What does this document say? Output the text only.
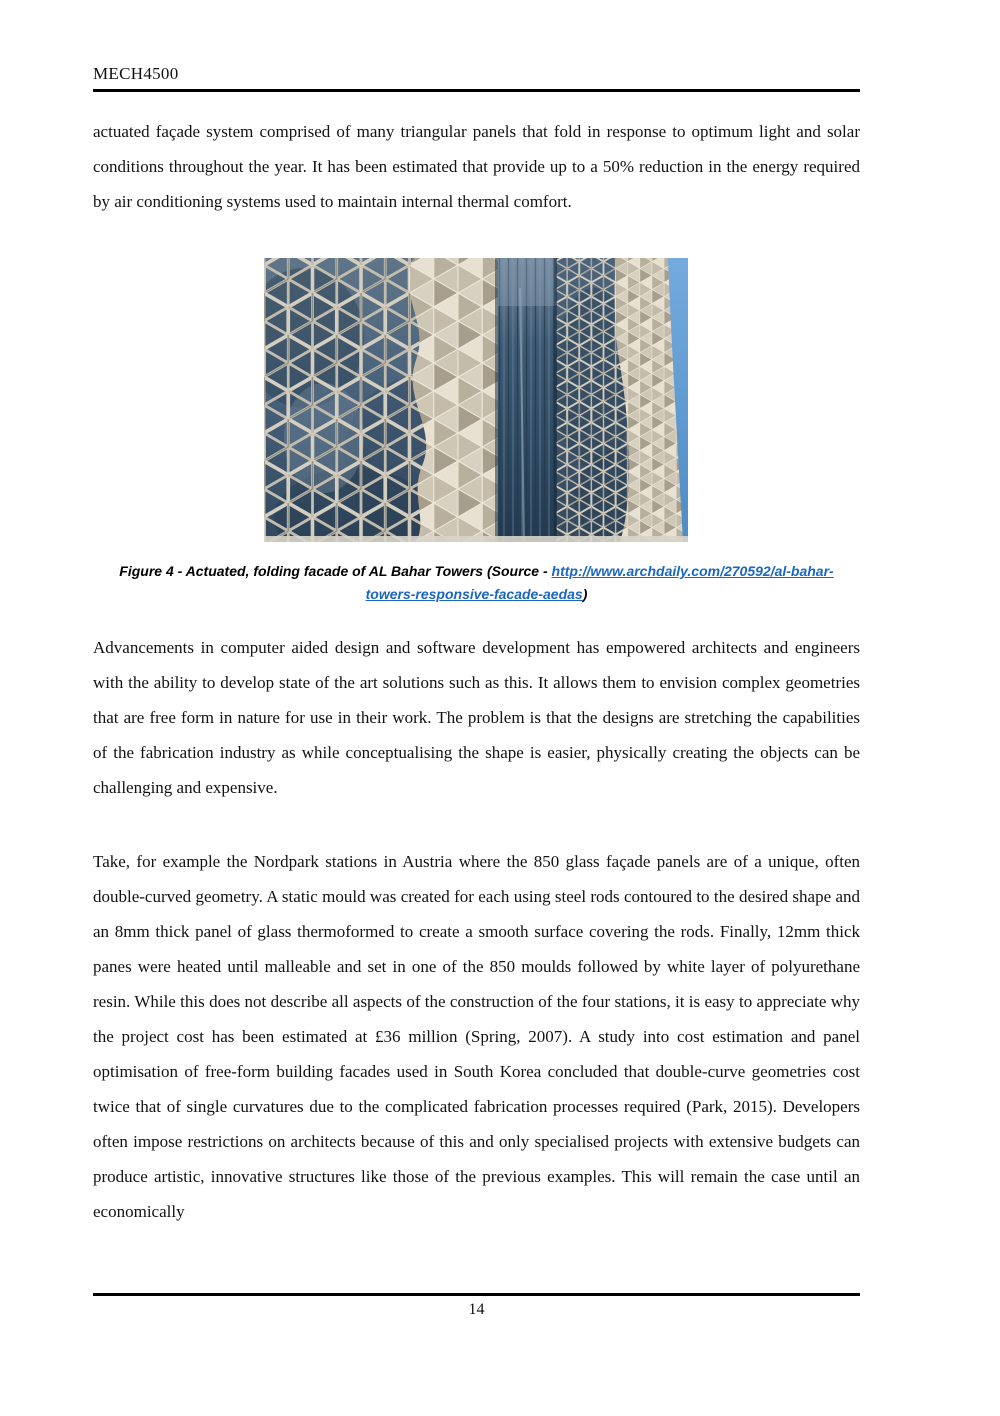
MECH4500

actuated façade system comprised of many triangular panels that fold in response to optimum light and solar conditions throughout the year. It has been estimated that provide up to a 50% reduction in the energy required by air conditioning systems used to maintain internal thermal comfort.

Figure 4 - Actuated, folding facade of AL Bahar Towers (Source - http://www.archdaily.com/270592/al-bahar-towers-responsive-facade-aedas)

Advancements in computer aided design and software development has empowered architects and engineers with the ability to develop state of the art solutions such as this. It allows them to envision complex geometries that are free form in nature for use in their work. The problem is that the designs are stretching the capabilities of the fabrication industry as while conceptualising the shape is easier, physically creating the objects can be challenging and expensive.

Take, for example the Nordpark stations in Austria where the 850 glass façade panels are of a unique, often double-curved geometry. A static mould was created for each using steel rods contoured to the desired shape and an 8mm thick panel of glass thermoformed to create a smooth surface covering the rods. Finally, 12mm thick panes were heated until malleable and set in one of the 850 moulds followed by white layer of polyurethane resin. While this does not describe all aspects of the construction of the four stations, it is easy to appreciate why the project cost has been estimated at £36 million (Spring, 2007). A study into cost estimation and panel optimisation of free-form building facades used in South Korea concluded that double-curve geometries cost twice that of single curvatures due to the complicated fabrication processes required (Park, 2015). Developers often impose restrictions on architects because of this and only specialised projects with extensive budgets can produce artistic, innovative structures like those of the previous examples. This will remain the case until an economically

14
